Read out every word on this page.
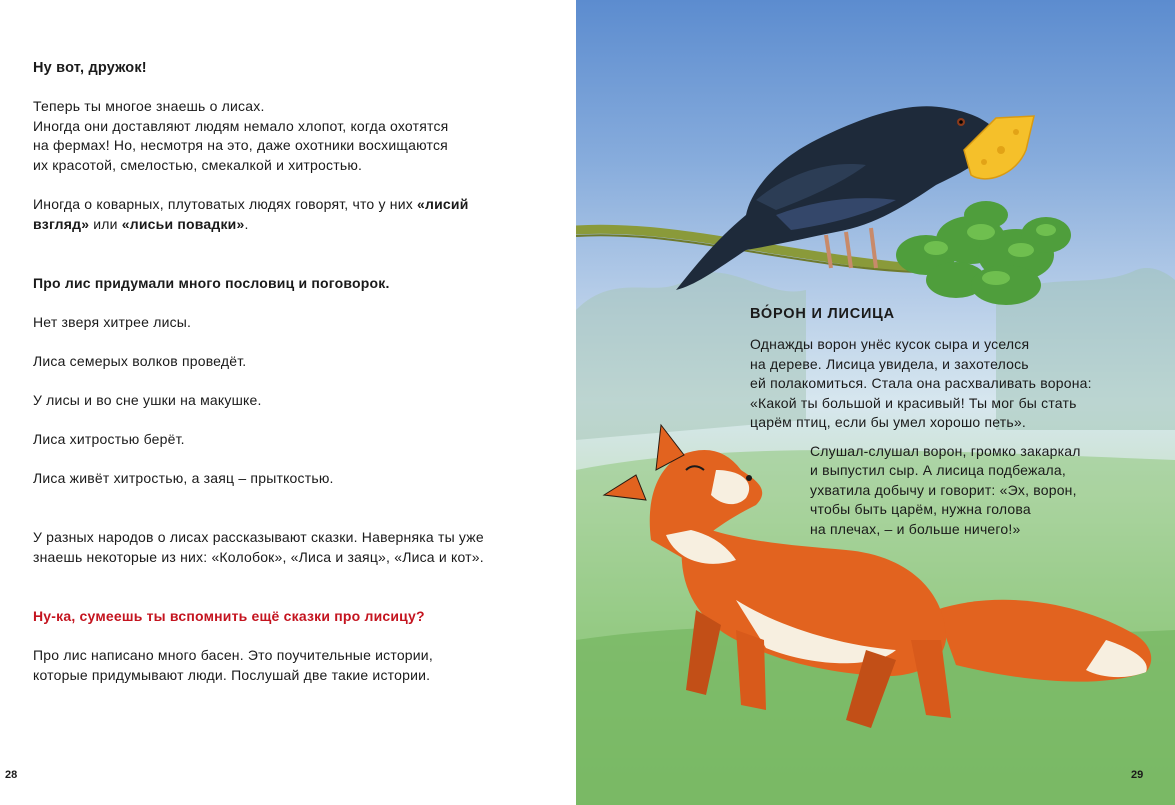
Ну вот, дружок!

Теперь ты многое знаешь о лисах.

Иногда они доставляют людям немало хлопот, когда охотятся

на фермах! Но, несмотря на это, даже охотники восхищаются

их красотой, смелостью, смекалкой и хитростью.

Иногда о коварных, плутоватых людях говорят, что у них «лисий

взгляд» или «лисьи повадки».

Про лис придумали много пословиц и поговорок.

Нет зверя хитрее лисы.

Лиса семерых волков проведёт.

У лисы и во сне ушки на макушке.

Лиса хитростью берёт.

Лиса живёт хитростью, а заяц – прыткостью.

У разных народов о лисах рассказывают сказки. Наверняка ты уже

знаешь некоторые из них: «Колобок», «Лиса и заяц», «Лиса и кот».

Ну-ка, сумеешь ты вспомнить ещё сказки про лисицу?

Про лис написано много басен. Это поучительные истории,

которые придумывают люди. Послушай две такие истории.

28

ВО́РОН И ЛИСИЦА

Однажды ворон унёс кусок сыра и уселся

на дереве. Лисица увидела, и захотелось

ей полакомиться. Стала она расхваливать ворона:

«Какой ты большой и красивый! Ты мог бы стать

царём птиц, если бы умел хорошо петь».

Слушал-слушал ворон, громко закаркал

и выпустил сыр. А лисица подбежала,

ухватила добычу и говорит: «Эх, ворон,

чтобы быть царём, нужна голова

на плечах, – и больше ничего!»

29
